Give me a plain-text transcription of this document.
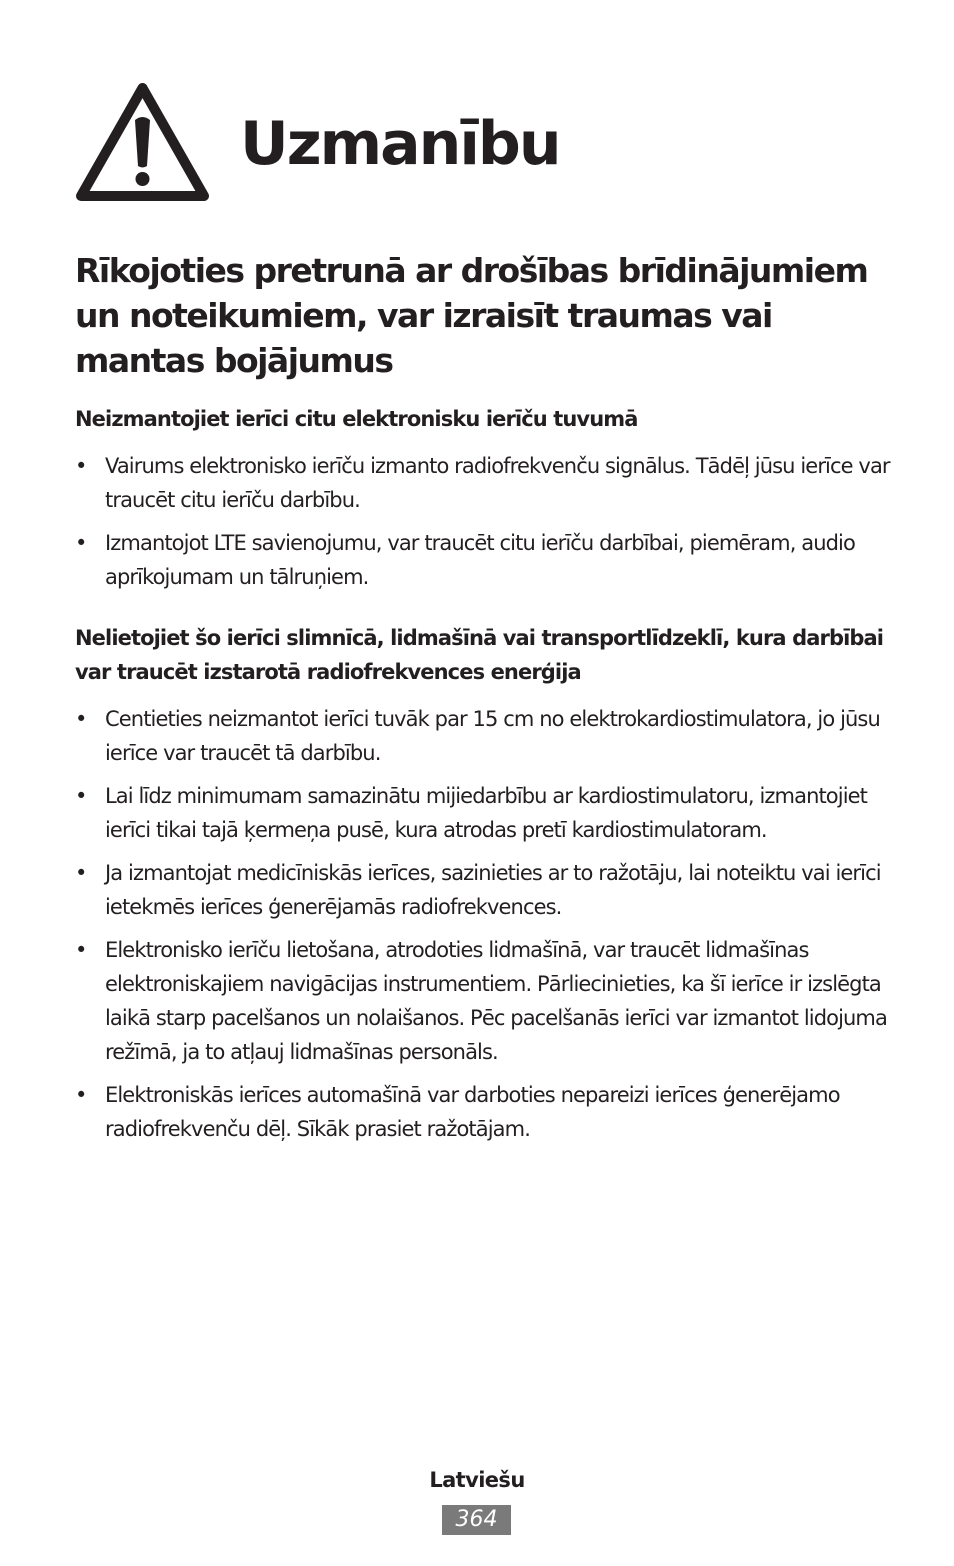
Uzmanību
Rīkojoties pretrunā ar drošības brīdinājumiem un noteikumiem, var izraisīt traumas vai mantas bojājumus
Neizmantojiet ierīci citu elektronisku ierīču tuvumā
• Vairums elektronisko ierīču izmanto radiofrekvenču signālus. Tādēļ jūsu ierīce var traucēt citu ierīču darbību.
• Izmantojot LTE savienojumu, var traucēt citu ierīču darbībai, piemēram, audio aprīkojumam un tālruņiem.
Nelietojiet šo ierīci slimnīcā, lidmašīnā vai transportlīdzeklī, kura darbībai var traucēt izstarotā radiofrekvences enerģija
• Centieties neizmantot ierīci tuvāk par 15 cm no elektrokardiostimulatora, jo jūsu ierīce var traucēt tā darbību.
• Lai līdz minimumam samazinātu mijiedarbību ar kardiostimulatoru, izmantojiet ierīci tikai tajā ķermeņa pusē, kura atrodas pretī kardiostimulatoram.
• Ja izmantojat medicīniskās ierīces, sazinieties ar to ražotāju, lai noteiktu vai ierīci ietekmēs ierīces ģenerējamās radiofrekvences.
• Elektronisko ierīču lietošana, atrodoties lidmašīnā, var traucēt lidmašīnas elektroniskajiem navigācijas instrumentiem. Pārliecinieties, ka šī ierīce ir izslēgta laikā starp pacelšanos un nolaišanos. Pēc pacelšanās ierīci var izmantot lidojuma režīmā, ja to atļauj lidmašīnas personāls.
• Elektroniskās ierīces automašīnā var darboties nepareizi ierīces ģenerējamo radiofrekvenču dēļ. Sīkāk prasiet ražotājam.
Latviešu
364
